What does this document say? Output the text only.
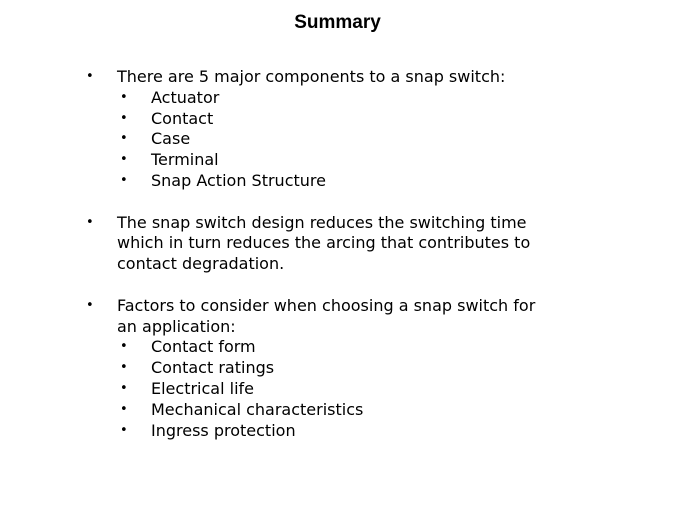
Summary
• There are 5 major components to a snap switch:
• Actuator
• Contact
• Case
• Terminal
• Snap Action Structure
• The snap switch design reduces the switching time
which in turn reduces the arcing that contributes to
contact degradation.
• Factors to consider when choosing a snap switch for
an application:
• Contact form
• Contact ratings
• Electrical life
• Mechanical characteristics
• Ingress protection
